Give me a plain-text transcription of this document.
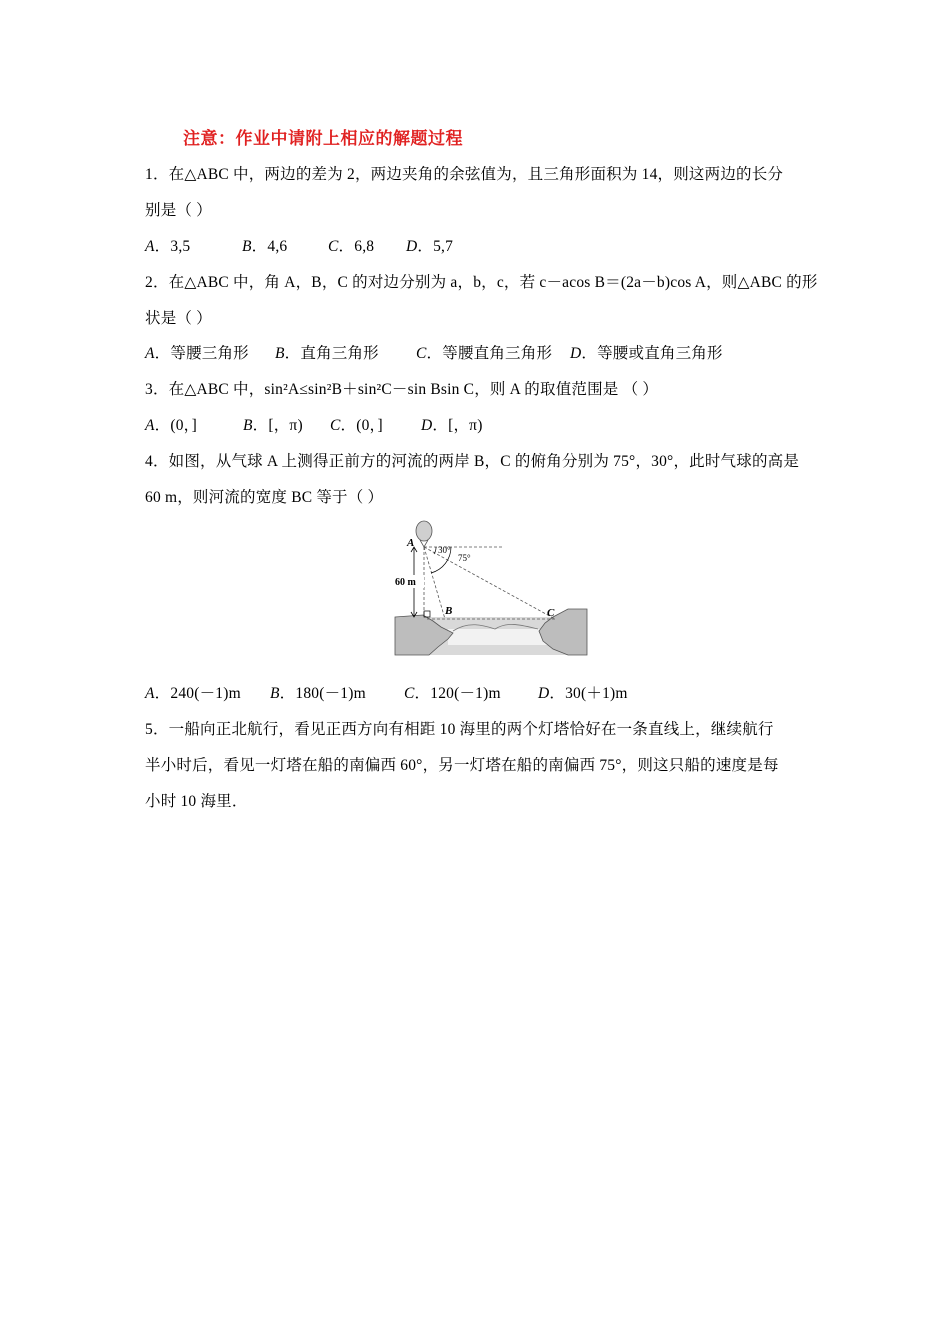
注意：作业中请附上相应的解题过程
1．在△ABC 中，两边的差为 2，两边夹角的余弦值为，且三角形面积为 14，则这两边的长分
别是（ ）
A．3,5	B．4,6	C．6,8 D．5,7
2．在△ABC 中，角 A，B，C 的对边分别为 a，b，c，若 c－acos B＝(2a－b)cos A，则△ABC 的形
状是（ ）
A．等腰三角形 B．直角三角形 C．等腰直角三角形 D．等腰或直角三角形
3．在△ABC 中，sin²A≤sin²B＋sin²C－sin Bsin C，则 A 的取值范围是 （ ）
A．(0，]	B．[，π) C．(0，] D．[，π)
4．如图，从气球 A 上测得正前方的河流的两岸 B，C 的俯角分别为 75°，30°，此时气球的高是
60 m，则河流的宽度 BC 等于（ ）
A
B	C
30°
75°
60 m
A．240(－1)m B．180(－1)m C．120(－1)m D．30(＋1)m
5．一船向正北航行，看见正西方向有相距 10 海里的两个灯塔恰好在一条直线上，继续航行
半小时后，看见一灯塔在船的南偏西 60°，另一灯塔在船的南偏西 75°，则这只船的速度是每
小时 10 海里．
